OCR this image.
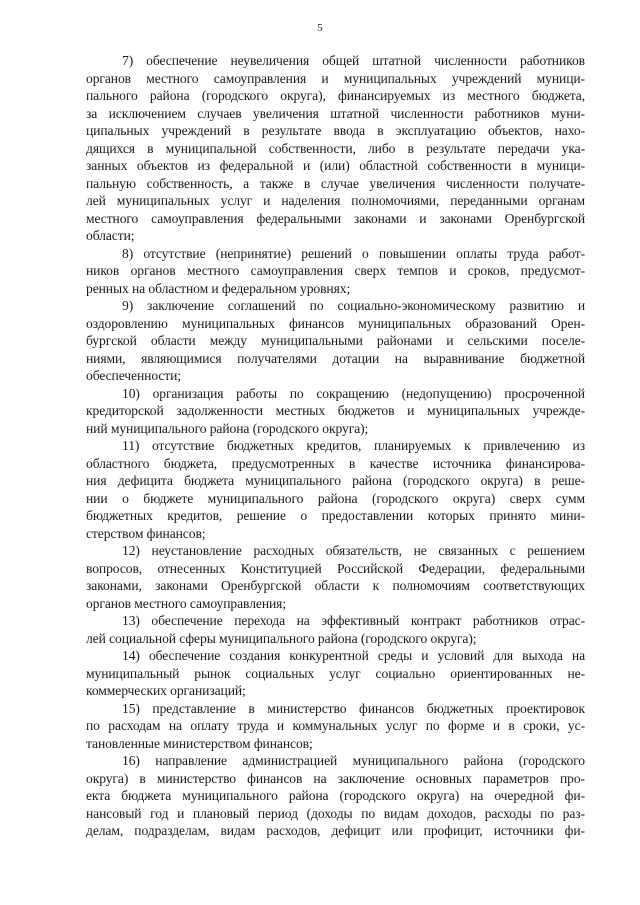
5
7) обеспечение неувеличения общей штатной численности работников
органов местного самоуправления и муниципальных учреждений муници-
пального района (городского округа), финансируемых из местного бюджета,
за исключением случаев увеличения штатной численности работников муни-
ципальных учреждений в результате ввода в эксплуатацию объектов, нахо-
дящихся в муниципальной собственности, либо в результате передачи ука-
занных объектов из федеральной и (или) областной собственности в муници-
пальную собственность, а также в случае увеличения численности получате-
лей муниципальных услуг и наделения полномочиями, переданными органам
местного самоуправления федеральными законами и законами Оренбургской
области;
8) отсутствие (непринятие) решений о повышении оплаты труда работ-
ников органов местного самоуправления сверх темпов и сроков, предусмот-
ренных на областном и федеральном уровнях;
9) заключение соглашений по социально-экономическому развитию и
оздоровлению муниципальных финансов муниципальных образований Орен-
бургской области между муниципальными районами и сельскими поселе-
ниями, являющимися получателями дотации на выравнивание бюджетной
обеспеченности;
10) организация работы по сокращению (недопущению) просроченной
кредиторской задолженности местных бюджетов и муниципальных учрежде-
ний муниципального района (городского округа);
11) отсутствие бюджетных кредитов, планируемых к привлечению из
областного бюджета, предусмотренных в качестве источника финансирова-
ния дефицита бюджета муниципального района (городского округа) в реше-
нии о бюджете муниципального района (городского округа) сверх сумм
бюджетных кредитов, решение о предоставлении которых принято мини-
стерством финансов;
12) неустановление расходных обязательств, не связанных с решением
вопросов, отнесенных Конституцией Российской Федерации, федеральными
законами, законами Оренбургской области к полномочиям соответствующих
органов местного самоуправления;
13) обеспечение перехода на эффективный контракт работников отрас-
лей социальной сферы муниципального района (городского округа);
14) обеспечение создания конкурентной среды и условий для выхода на
муниципальный рынок социальных услуг социально ориентированных не-
коммерческих организаций;
15) представление в министерство финансов бюджетных проектировок
по расходам на оплату труда и коммунальных услуг по форме и в сроки, ус-
тановленные министерством финансов;
16) направление администрацией муниципального района (городского
округа) в министерство финансов на заключение основных параметров про-
екта бюджета муниципального района (городского округа) на очередной фи-
нансовый год и плановый период (доходы по видам доходов, расходы по раз-
делам, подразделам, видам расходов, дефицит или профицит, источники фи-
